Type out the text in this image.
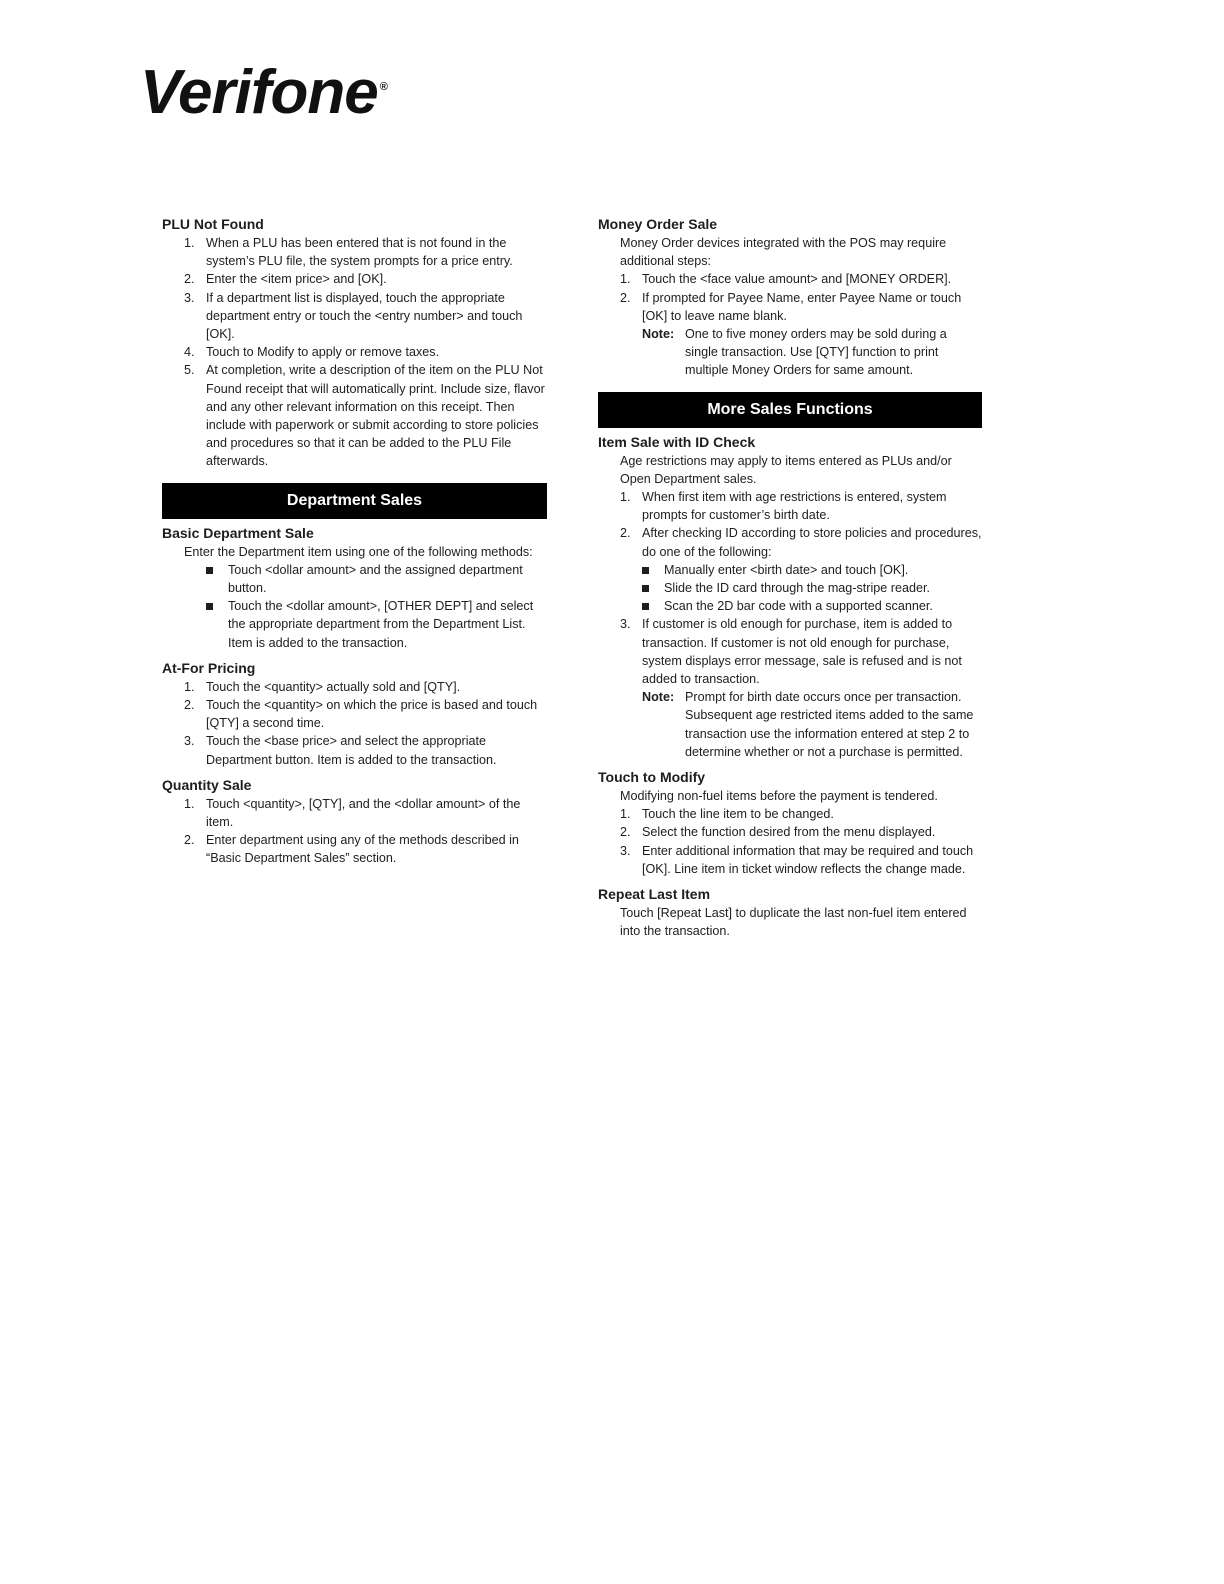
Verifone ®

PLU Not Found

1. When a PLU has been entered that is not found in the system’s PLU file, the system prompts for a price entry.
2. Enter the <item price> and [OK].
3. If a department list is displayed, touch the appropriate department entry or touch the <entry number> and touch [OK].
4. Touch to Modify to apply or remove taxes.
5. At completion, write a description of the item on the PLU Not Found receipt that will automatically print. Include size, flavor and any other relevant information on this receipt. Then include with paperwork or submit according to store policies and procedures so that it can be added to the PLU File afterwards.
Department Sales

Basic Department Sale

Enter the Department item using one of the following methods:

Touch <dollar amount> and the assigned department button.
Touch the <dollar amount>, [OTHER DEPT] and select the appropriate department from the Department List. Item is added to the transaction.

At-For Pricing

1. Touch the <quantity> actually sold and [QTY].
2. Touch the <quantity> on which the price is based and touch [QTY] a second time.
3. Touch the <base price> and select the appropriate Department button. Item is added to the transaction.

Quantity Sale

1. Touch <quantity>, [QTY], and the <dollar amount> of the item.
2. Enter department using any of the methods described in “Basic Department Sales” section.

Money Order Sale

Money Order devices integrated with the POS may require additional steps:

1. Touch the <face value amount> and [MONEY ORDER].
2. If prompted for Payee Name, enter Payee Name or touch [OK] to leave name blank.
Note: One to five money orders may be sold during a single transaction. Use [QTY] function to print multiple Money Orders for same amount.
More Sales Functions

Item Sale with ID Check

Age restrictions may apply to items entered as PLUs and/or Open Department sales.

1. When first item with age restrictions is entered, system prompts for customer’s birth date.
2. After checking ID according to store policies and procedures, do one of the following:
Manually enter <birth date> and touch [OK].
Slide the ID card through the mag-stripe reader.
Scan the 2D bar code with a supported scanner.
3. If customer is old enough for purchase, item is added to transaction. If customer is not old enough for purchase, system displays error message, sale is refused and is not added to transaction.
Note: Prompt for birth date occurs once per transaction. Subsequent age restricted items added to the same transaction use the information entered at step 2 to determine whether or not a purchase is permitted.

Touch to Modify

Modifying non-fuel items before the payment is tendered.

1. Touch the line item to be changed.
2. Select the function desired from the menu displayed.
3. Enter additional information that may be required and touch [OK]. Line item in ticket window reflects the change made.

Repeat Last Item

Touch [Repeat Last] to duplicate the last non-fuel item entered into the transaction.
